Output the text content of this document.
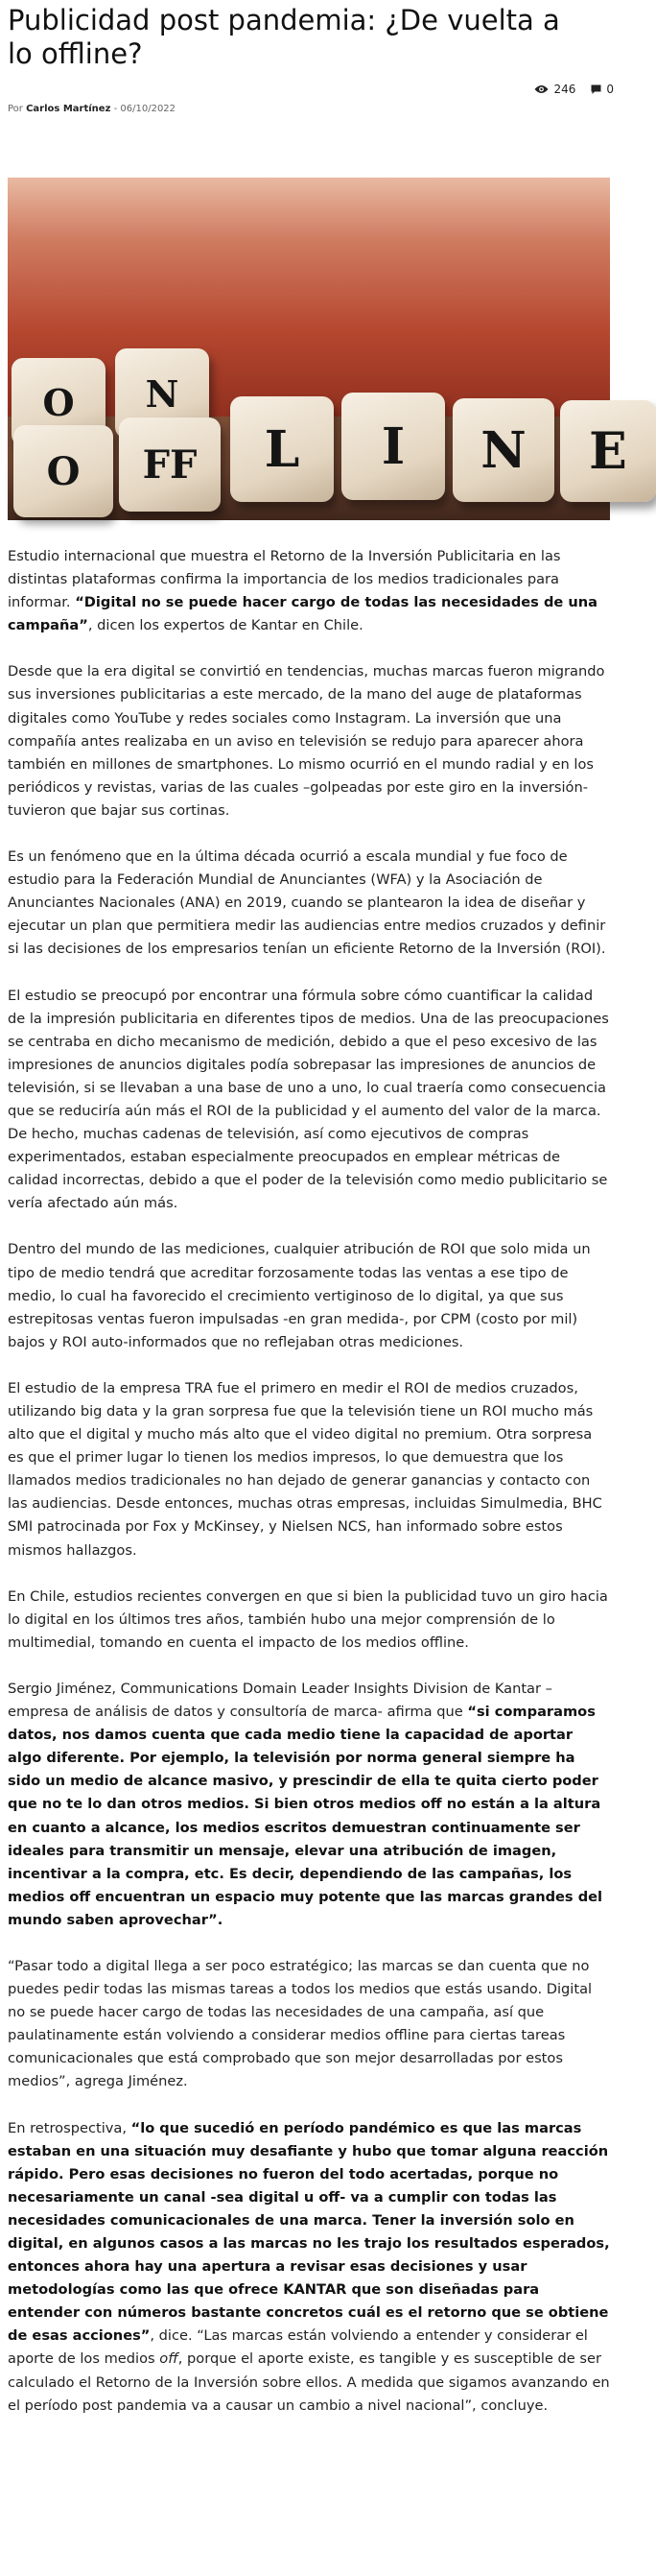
Publicidad post pandemia: ¿De vuelta a lo offline?
246	0
Por Carlos Martínez - 06/10/2022
O N
O FF L I N E

Estudio internacional que muestra el Retorno de la Inversión Publicitaria en las distintas plataformas confirma la importancia de los medios tradicionales para informar. “Digital no se puede hacer cargo de todas las necesidades de una campaña”, dicen los expertos de Kantar en Chile.

Desde que la era digital se convirtió en tendencias, muchas marcas fueron migrando sus inversiones publicitarias a este mercado, de la mano del auge de plataformas digitales como YouTube y redes sociales como Instagram. La inversión que una compañía antes realizaba en un aviso en televisión se redujo para aparecer ahora también en millones de smartphones. Lo mismo ocurrió en el mundo radial y en los periódicos y revistas, varias de las cuales –golpeadas por este giro en la inversión- tuvieron que bajar sus cortinas.

Es un fenómeno que en la última década ocurrió a escala mundial y fue foco de estudio para la Federación Mundial de Anunciantes (WFA) y la Asociación de Anunciantes Nacionales (ANA) en 2019, cuando se plantearon la idea de diseñar y ejecutar un plan que permitiera medir las audiencias entre medios cruzados y definir si las decisiones de los empresarios tenían un eficiente Retorno de la Inversión (ROI).

El estudio se preocupó por encontrar una fórmula sobre cómo cuantificar la calidad de la impresión publicitaria en diferentes tipos de medios. Una de las preocupaciones se centraba en dicho mecanismo de medición, debido a que el peso excesivo de las impresiones de anuncios digitales podía sobrepasar las impresiones de anuncios de televisión, si se llevaban a una base de uno a uno, lo cual traería como consecuencia que se reduciría aún más el ROI de la publicidad y el aumento del valor de la marca. De hecho, muchas cadenas de televisión, así como ejecutivos de compras experimentados, estaban especialmente preocupados en emplear métricas de calidad incorrectas, debido a que el poder de la televisión como medio publicitario se vería afectado aún más.

Dentro del mundo de las mediciones, cualquier atribución de ROI que solo mida un tipo de medio tendrá que acreditar forzosamente todas las ventas a ese tipo de medio, lo cual ha favorecido el crecimiento vertiginoso de lo digital, ya que sus estrepitosas ventas fueron impulsadas -en gran medida-, por CPM (costo por mil) bajos y ROI auto-informados que no reflejaban otras mediciones.

El estudio de la empresa TRA fue el primero en medir el ROI de medios cruzados, utilizando big data y la gran sorpresa fue que la televisión tiene un ROI mucho más alto que el digital y mucho más alto que el video digital no premium. Otra sorpresa es que el primer lugar lo tienen los medios impresos, lo que demuestra que los llamados medios tradicionales no han dejado de generar ganancias y contacto con las audiencias. Desde entonces, muchas otras empresas, incluidas Simulmedia, BHC SMI patrocinada por Fox y McKinsey, y Nielsen NCS, han informado sobre estos mismos hallazgos.

En Chile, estudios recientes convergen en que si bien la publicidad tuvo un giro hacia lo digital en los últimos tres años, también hubo una mejor comprensión de lo multimedial, tomando en cuenta el impacto de los medios offline.

Sergio Jiménez, Communications Domain Leader Insights Division de Kantar – empresa de análisis de datos y consultoría de marca- afirma que “si comparamos datos, nos damos cuenta que cada medio tiene la capacidad de aportar algo diferente. Por ejemplo, la televisión por norma general siempre ha sido un medio de alcance masivo, y prescindir de ella te quita cierto poder que no te lo dan otros medios. Si bien otros medios off no están a la altura en cuanto a alcance, los medios escritos demuestran continuamente ser ideales para transmitir un mensaje, elevar una atribución de imagen, incentivar a la compra, etc. Es decir, dependiendo de las campañas, los medios off encuentran un espacio muy potente que las marcas grandes del mundo saben aprovechar”.

“Pasar todo a digital llega a ser poco estratégico; las marcas se dan cuenta que no puedes pedir todas las mismas tareas a todos los medios que estás usando. Digital no se puede hacer cargo de todas las necesidades de una campaña, así que paulatinamente están volviendo a considerar medios offline para ciertas tareas comunicacionales que está comprobado que son mejor desarrolladas por estos medios”, agrega Jiménez.

En retrospectiva, “lo que sucedió en período pandémico es que las marcas estaban en una situación muy desafiante y hubo que tomar alguna reacción rápido. Pero esas decisiones no fueron del todo acertadas, porque no necesariamente un canal -sea digital u off- va a cumplir con todas las necesidades comunicacionales de una marca. Tener la inversión solo en digital, en algunos casos a las marcas no les trajo los resultados esperados, entonces ahora hay una apertura a revisar esas decisiones y usar metodologías como las que ofrece KANTAR que son diseñadas para entender con números bastante concretos cuál es el retorno que se obtiene de esas acciones”, dice. “Las marcas están volviendo a entender y considerar el aporte de los medios off, porque el aporte existe, es tangible y es susceptible de ser calculado el Retorno de la Inversión sobre ellos. A medida que sigamos avanzando en el período post pandemia va a causar un cambio a nivel nacional”, concluye.
